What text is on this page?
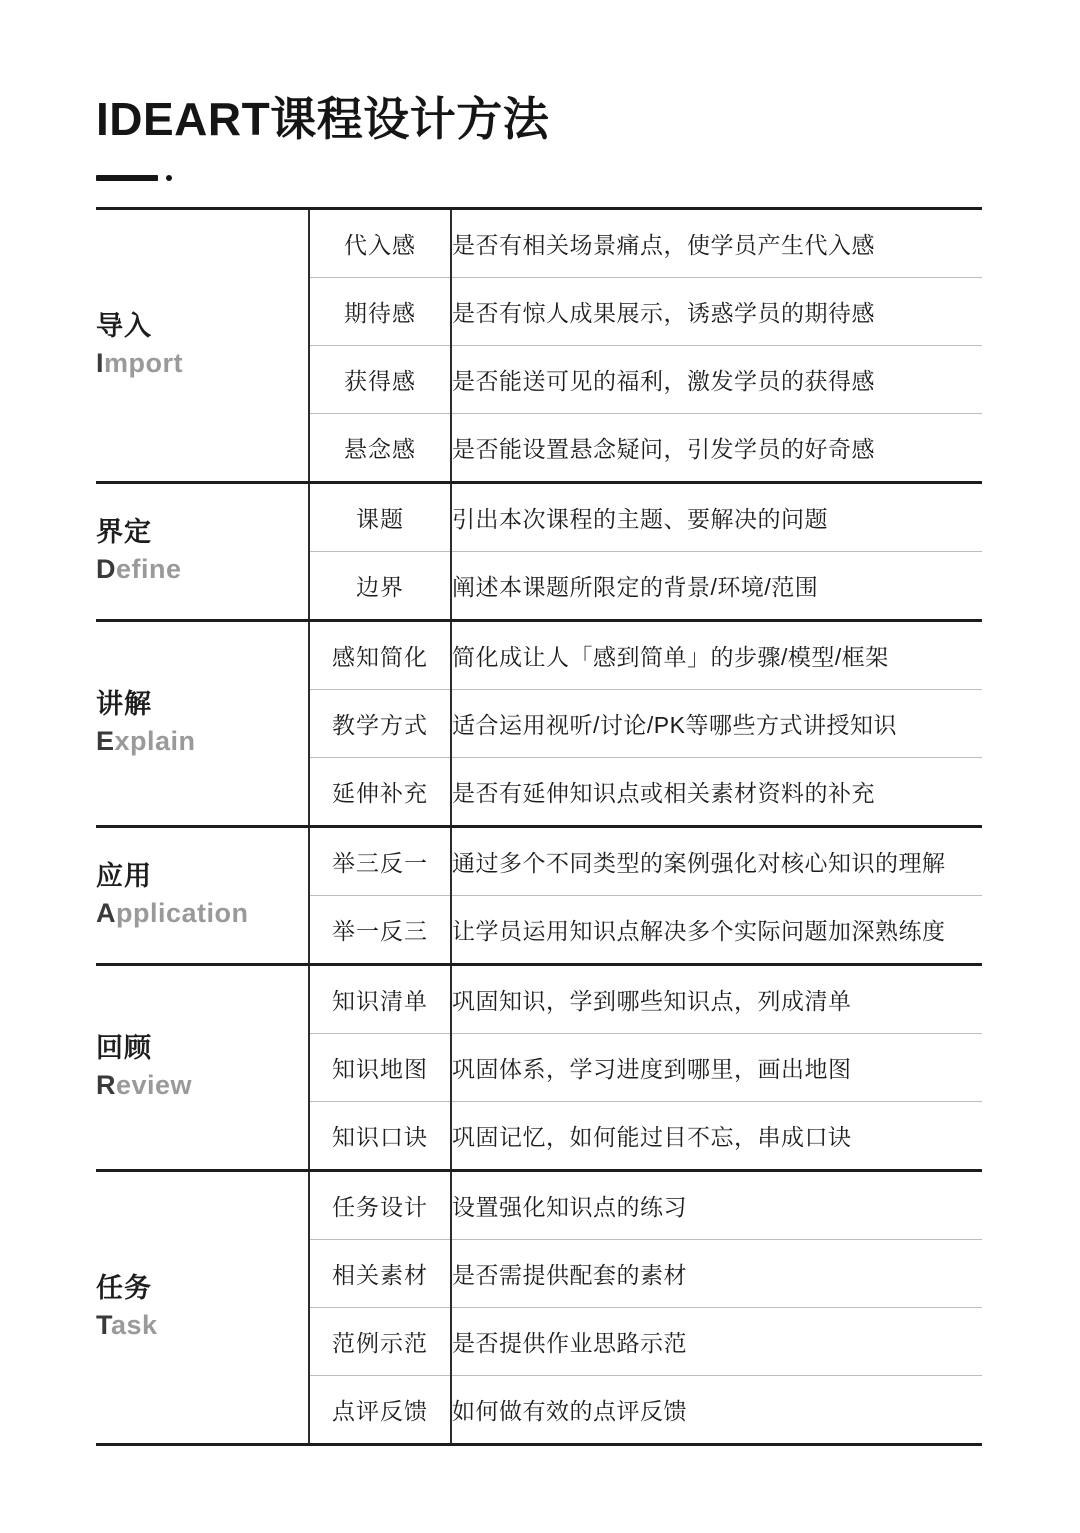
IDEART课程设计方法
导入
Import	代入感	是否有相关场景痛点，使学员产生代入感
	期待感	是否有惊人成果展示，诱惑学员的期待感
	获得感	是否能送可见的福利，激发学员的获得感
	悬念感	是否能设置悬念疑问，引发学员的好奇感

界定
Define	课题	引出本次课程的主题、要解决的问题
	边界	阐述本课题所限定的背景/环境/范围

讲解
Explain	感知简化	简化成让人「感到简单」的步骤/模型/框架
	教学方式	适合运用视听/讨论/PK等哪些方式讲授知识
	延伸补充	是否有延伸知识点或相关素材资料的补充

应用
Application	举三反一	通过多个不同类型的案例强化对核心知识的理解
	举一反三	让学员运用知识点解决多个实际问题加深熟练度

回顾
Review	知识清单	巩固知识，学到哪些知识点，列成清单
	知识地图	巩固体系，学习进度到哪里，画出地图
	知识口诀	巩固记忆，如何能过目不忘，串成口诀

任务
Task	任务设计	设置强化知识点的练习
	相关素材	是否需提供配套的素材
	范例示范	是否提供作业思路示范
	点评反馈	如何做有效的点评反馈
